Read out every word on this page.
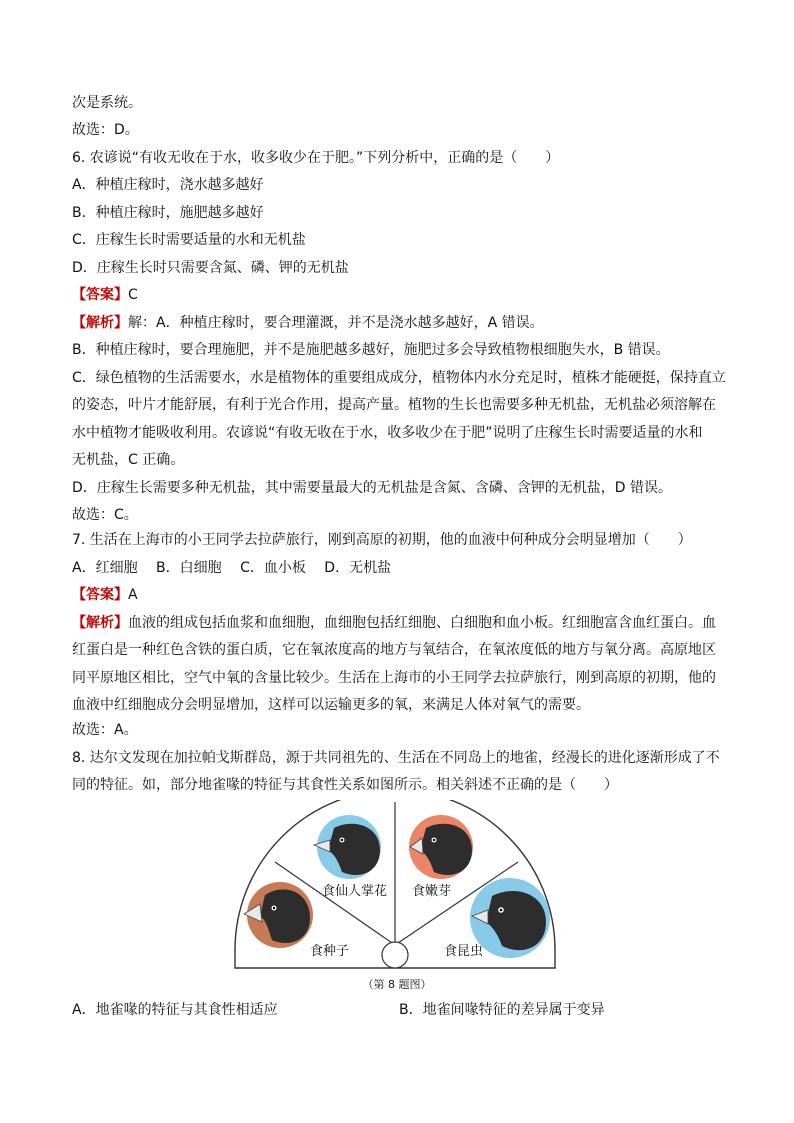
次是系统。
故选：D。
6. 农谚说“有收无收在于水，收多收少在于肥。”下列分析中，正确的是（　　）
A．种植庄稼时，浇水越多越好
B．种植庄稼时，施肥越多越好
C．庄稼生长时需要适量的水和无机盐
D．庄稼生长时只需要含氮、磷、钾的无机盐
【答案】C
【解析】解：A．种植庄稼时，要合理灌溉，并不是浇水越多越好，A 错误。
B．种植庄稼时，要合理施肥，并不是施肥越多越好，施肥过多会导致植物根细胞失水，B 错误。
C．绿色植物的生活需要水，水是植物体的重要组成成分，植物体内水分充足时，植株才能硬挺，保持直立
的姿态，叶片才能舒展，有利于光合作用，提高产量。植物的生长也需要多种无机盐，无机盐必须溶解在
水中植物才能吸收利用。农谚说“有收无收在于水，收多收少在于肥”说明了庄稼生长时需要适量的水和
无机盐，C 正确。
D．庄稼生长需要多种无机盐，其中需要量最大的无机盐是含氮、含磷、含钾的无机盐，D 错误。
故选：C。
7. 生活在上海市的小王同学去拉萨旅行，刚到高原的初期，他的血液中何种成分会明显增加（　　）
A．红细胞　 B．白细胞　 C．血小板　 D．无机盐
【答案】A
【解析】血液的组成包括血浆和血细胞，血细胞包括红细胞、白细胞和血小板。红细胞富含血红蛋白。血
红蛋白是一种红色含铁的蛋白质，它在氧浓度高的地方与氧结合，在氧浓度低的地方与氧分离。高原地区
同平原地区相比，空气中氧的含量比较少。生活在上海市的小王同学去拉萨旅行，刚到高原的初期，他的
血液中红细胞成分会明显增加，这样可以运输更多的氧，来满足人体对氧气的需要。
故选：A。
8. 达尔文发现在加拉帕戈斯群岛，源于共同祖先的、生活在不同岛上的地雀，经漫长的进化逐渐形成了不
同的特征。如，部分地雀喙的特征与其食性关系如图所示。相关斜述不正确的是（　　）
食仙人掌花 食嫩芽
食种子	食昆虫
（第 8 题图）
A．地雀喙的特征与其食性相适应	B．地雀间喙特征的差异属于变异
